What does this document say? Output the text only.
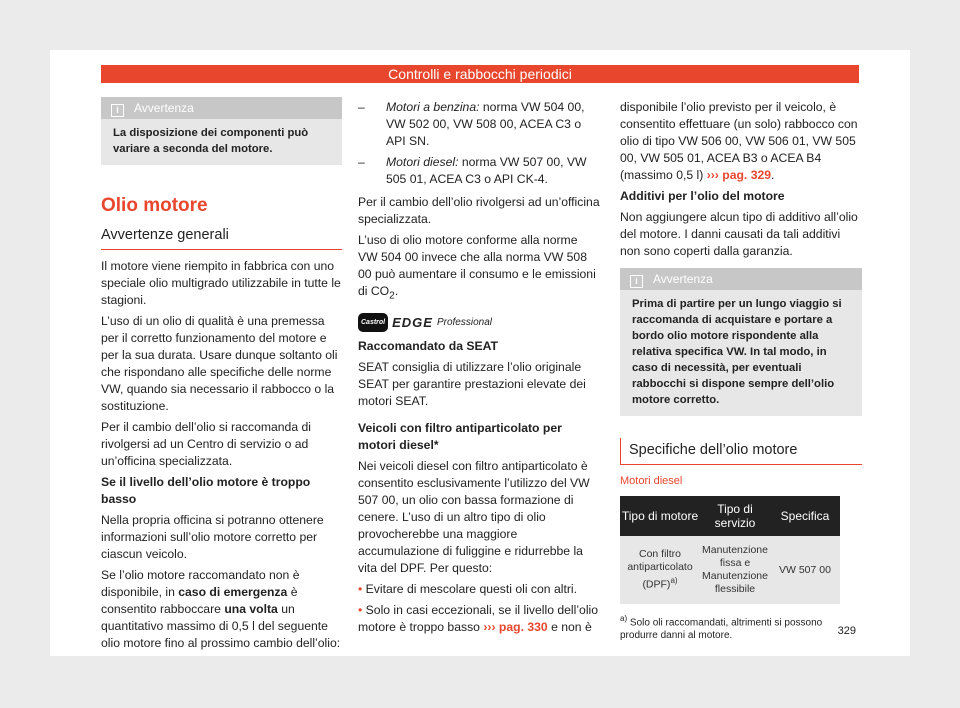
Controlli e rabbocchi periodici
i Avvertenza
La disposizione dei componenti può variare a seconda del motore.
Olio motore
Avvertenze generali

Il motore viene riempito in fabbrica con uno speciale olio multigrado utilizzabile in tutte le stagioni.

L’uso di un olio di qualità è una premessa per il corretto funzionamento del motore e per la sua durata. Usare dunque soltanto oli che rispondano alle specifiche delle norme VW, quando sia necessario il rabbocco o la sostituzione.

Per il cambio dell’olio si raccomanda di rivolgersi ad un Centro di servizio o ad un’officina specializzata.

Se il livello dell’olio motore è troppo basso

Nella propria officina si potranno ottenere informazioni sull’olio motore corretto per ciascun veicolo.

Se l’olio motore raccomandato non è disponibile, in caso di emergenza è consentito rabboccare una volta un quantitativo massimo di 0,5 l del seguente olio motore fino al prossimo cambio dell’olio:

–	Motori a benzina: norma VW 504 00, VW 502 00, VW 508 00, ACEA C3 o API SN.
–	Motori diesel: norma VW 507 00, VW 505 01, ACEA C3 o API CK-4.

Per il cambio dell’olio rivolgersi ad un’officina specializzata.

L’uso di olio motore conforme alla norme VW 504 00 invece che alla norma VW 508 00 può aumentare il consumo e le emissioni di $CO_2$.

Castrol EDGE Professional

Raccomandato da SEAT

SEAT consiglia di utilizzare l’olio originale SEAT per garantire prestazioni elevate dei motori SEAT.

Veicoli con filtro antiparticolato per motori diesel*

Nei veicoli diesel con filtro antiparticolato è consentito esclusivamente l’utilizzo del VW 507 00, un olio con bassa formazione di cenere. L’uso di un altro tipo di olio provocherebbe una maggiore accumulazione di fuliggine e ridurrebbe la vita del DPF. Per questo:

• Evitare di mescolare questi oli con altri.

• Solo in casi eccezionali, se il livello dell’olio motore è troppo basso ››› pag. 330 e non è

disponibile l’olio previsto per il veicolo, è consentito effettuare (un solo) rabbocco con olio di tipo VW 506 00, VW 506 01, VW 505 00, VW 505 01, ACEA B3 o ACEA B4 (massimo 0,5 l) ››› pag. 329.

Additivi per l’olio del motore

Non aggiungere alcun tipo di additivo all’olio del motore. I danni causati da tali additivi non sono coperti dalla garanzia.

i Avvertenza
Prima di partire per un lungo viaggio si raccomanda di acquistare e portare a bordo olio motore rispondente alla relativa specifica VW. In tal modo, in caso di necessità, per eventuali rabbocchi si dispone sempre dell’olio motore corretto.
Specifiche dell’olio motore
Motori diesel
Tipo di motore	Tipo di servizio	Specifica
Con filtro antiparticolato (DPF)$^{a)}$	Manutenzione fissa e Manutenzione flessibile	VW 507 00
$^{a)}$ Solo oli raccomandati, altrimenti si possono produrre danni al motore.	329
